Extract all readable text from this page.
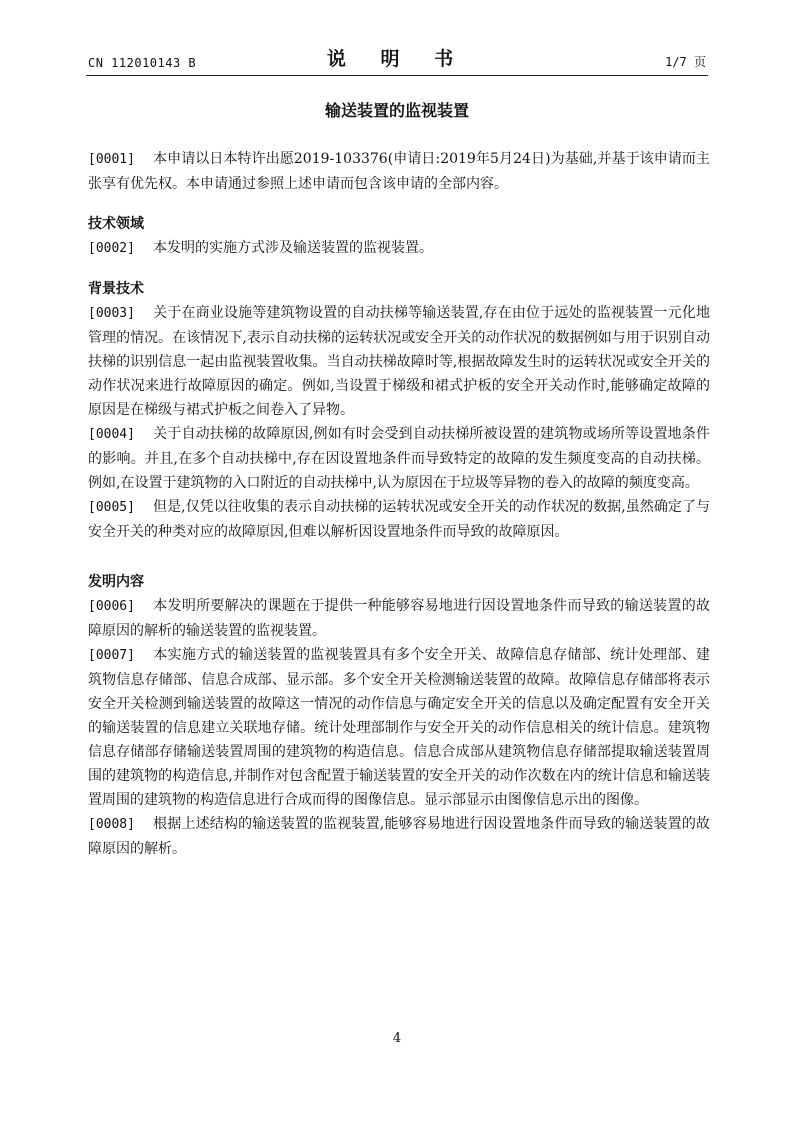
CN 112010143 B	说 明 书	1/7 页
输送装置的监视装置

[0001] 本申请以日本特许出愿2019-103376(申请日:2019年5月24日)为基础,并基于该申请而主张享有优先权。本申请通过参照上述申请而包含该申请的全部内容。

技术领域

[0002] 本发明的实施方式涉及输送装置的监视装置。

背景技术

[0003] 关于在商业设施等建筑物设置的自动扶梯等输送装置,存在由位于远处的监视装置一元化地管理的情况。在该情况下,表示自动扶梯的运转状况或安全开关的动作状况的数据例如与用于识别自动扶梯的识别信息一起由监视装置收集。当自动扶梯故障时等,根据故障发生时的运转状况或安全开关的动作状况来进行故障原因的确定。例如,当设置于梯级和裙式护板的安全开关动作时,能够确定故障的原因是在梯级与裙式护板之间卷入了异物。

[0004] 关于自动扶梯的故障原因,例如有时会受到自动扶梯所被设置的建筑物或场所等设置地条件的影响。并且,在多个自动扶梯中,存在因设置地条件而导致特定的故障的发生频度变高的自动扶梯。例如,在设置于建筑物的入口附近的自动扶梯中,认为原因在于垃圾等异物的卷入的故障的频度变高。

[0005] 但是,仅凭以往收集的表示自动扶梯的运转状况或安全开关的动作状况的数据,虽然确定了与安全开关的种类对应的故障原因,但难以解析因设置地条件而导致的故障原因。

发明内容

[0006] 本发明所要解决的课题在于提供一种能够容易地进行因设置地条件而导致的输送装置的故障原因的解析的输送装置的监视装置。

[0007] 本实施方式的输送装置的监视装置具有多个安全开关、故障信息存储部、统计处理部、建筑物信息存储部、信息合成部、显示部。多个安全开关检测输送装置的故障。故障信息存储部将表示安全开关检测到输送装置的故障这一情况的动作信息与确定安全开关的信息以及确定配置有安全开关的输送装置的信息建立关联地存储。统计处理部制作与安全开关的动作信息相关的统计信息。建筑物信息存储部存储输送装置周围的建筑物的构造信息。信息合成部从建筑物信息存储部提取输送装置周围的建筑物的构造信息,并制作对包含配置于输送装置的安全开关的动作次数在内的统计信息和输送装置周围的建筑物的构造信息进行合成而得的图像信息。显示部显示由图像信息示出的图像。

[0008] 根据上述结构的输送装置的监视装置,能够容易地进行因设置地条件而导致的输送装置的故障原因的解析。

4
